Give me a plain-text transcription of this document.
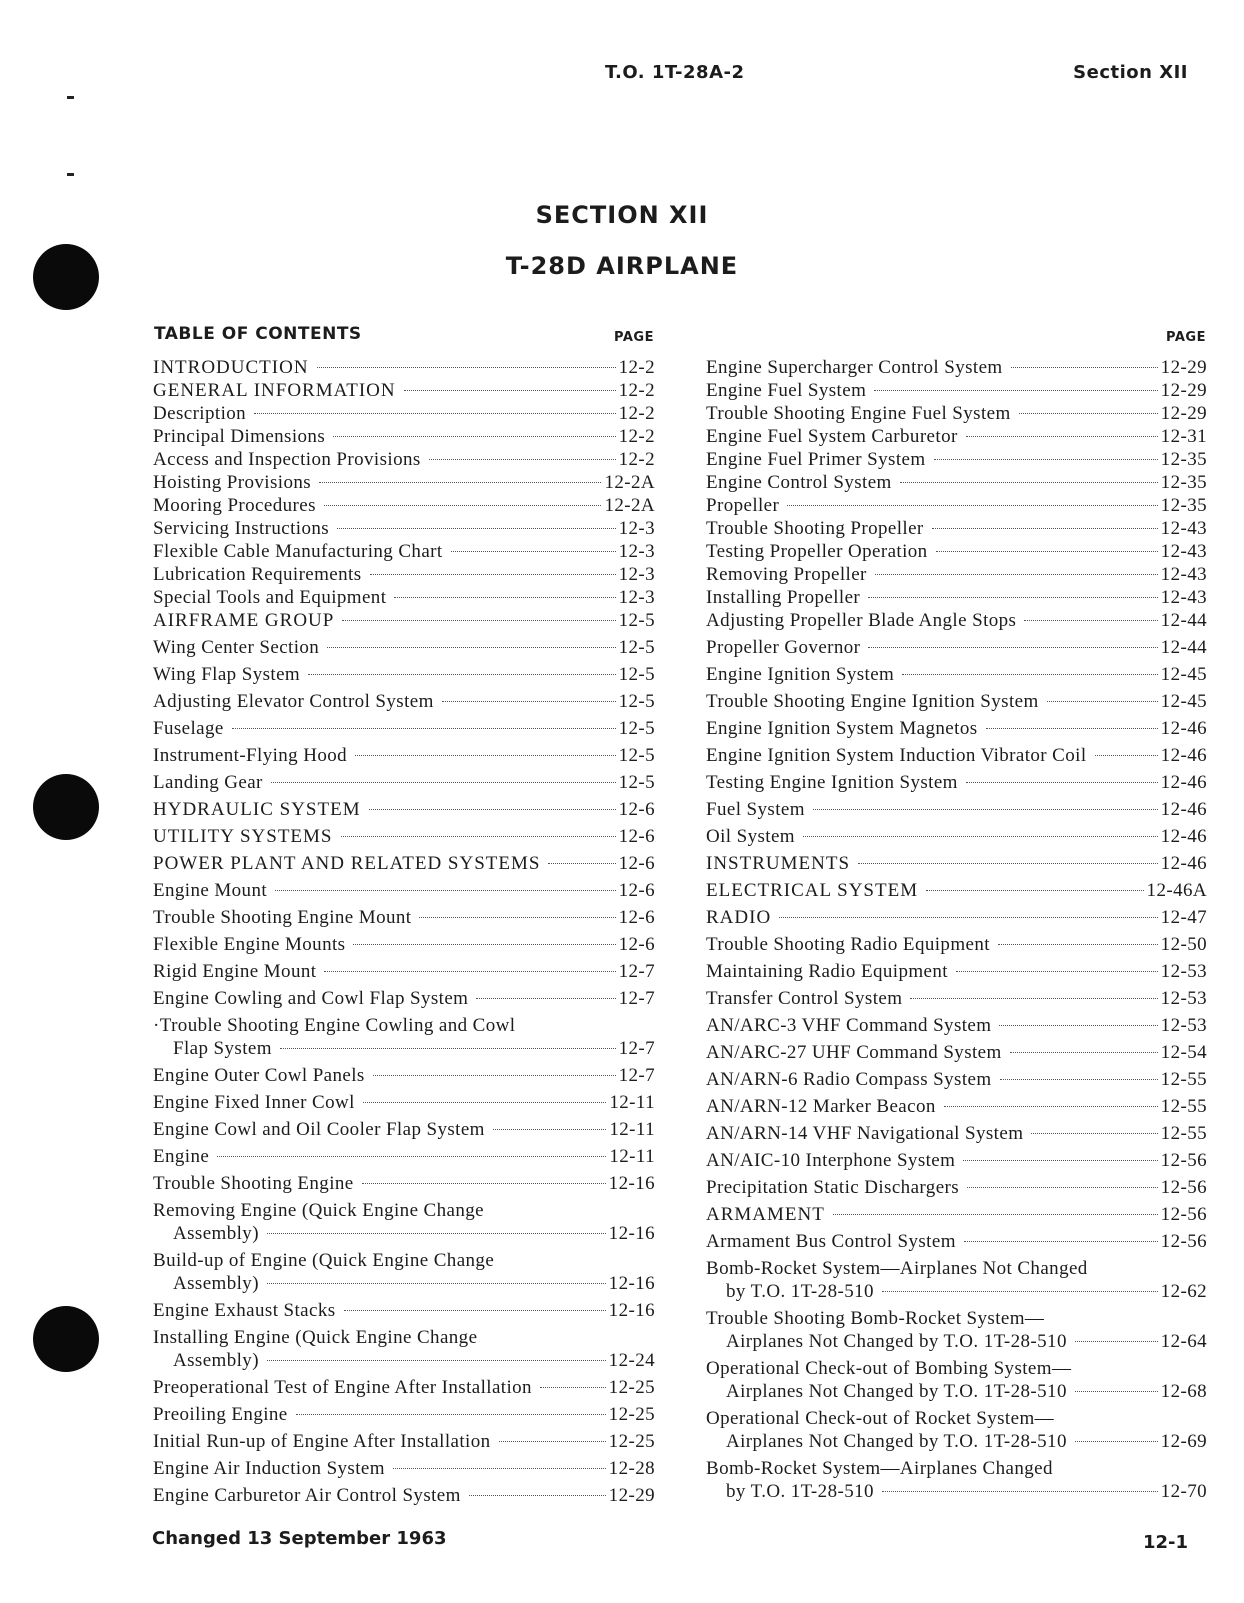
T.O. 1T-28A-2	Section XII
SECTION XII
T-28D AIRPLANE
TABLE OF CONTENTS	PAGE	PAGE
INTRODUCTION	12-2
GENERAL INFORMATION	12-2
Description	12-2
Principal Dimensions	12-2
Access and Inspection Provisions	12-2
Hoisting Provisions	12-2A
Mooring Procedures	12-2A
Servicing Instructions	12-3
Flexible Cable Manufacturing Chart	12-3
Lubrication Requirements	12-3
Special Tools and Equipment	12-3
AIRFRAME GROUP	12-5
Wing Center Section	12-5
Wing Flap System	12-5
Adjusting Elevator Control System	12-5
Fuselage	12-5
Instrument-Flying Hood	12-5
Landing Gear	12-5
HYDRAULIC SYSTEM	12-6
UTILITY SYSTEMS	12-6
POWER PLANT AND RELATED SYSTEMS	12-6
Engine Mount	12-6
Trouble Shooting Engine Mount	12-6
Flexible Engine Mounts	12-6
Rigid Engine Mount	12-7
Engine Cowling and Cowl Flap System	12-7
·Trouble Shooting Engine Cowling and Cowl
Flap System	12-7
Engine Outer Cowl Panels	12-7
Engine Fixed Inner Cowl	12-11
Engine Cowl and Oil Cooler Flap System	12-11
Engine	12-11
Trouble Shooting Engine	12-16
Removing Engine (Quick Engine Change
Assembly)	12-16
Build-up of Engine (Quick Engine Change
Assembly)	12-16
Engine Exhaust Stacks	12-16
Installing Engine (Quick Engine Change
Assembly)	12-24
Preoperational Test of Engine After Installation	12-25
Preoiling Engine	12-25
Initial Run-up of Engine After Installation	12-25
Engine Air Induction System	12-28
Engine Carburetor Air Control System	12-29
Engine Supercharger Control System	12-29
Engine Fuel System	12-29
Trouble Shooting Engine Fuel System	12-29
Engine Fuel System Carburetor	12-31
Engine Fuel Primer System	12-35
Engine Control System	12-35
Propeller	12-35
Trouble Shooting Propeller	12-43
Testing Propeller Operation	12-43
Removing Propeller	12-43
Installing Propeller	12-43
Adjusting Propeller Blade Angle Stops	12-44
Propeller Governor	12-44
Engine Ignition System	12-45
Trouble Shooting Engine Ignition System	12-45
Engine Ignition System Magnetos	12-46
Engine Ignition System Induction Vibrator Coil	12-46
Testing Engine Ignition System	12-46
Fuel System	12-46
Oil System	12-46
INSTRUMENTS	12-46
ELECTRICAL SYSTEM	12-46A
RADIO	12-47
Trouble Shooting Radio Equipment	12-50
Maintaining Radio Equipment	12-53
Transfer Control System	12-53
AN/ARC-3 VHF Command System	12-53
AN/ARC-27 UHF Command System	12-54
AN/ARN-6 Radio Compass System	12-55
AN/ARN-12 Marker Beacon	12-55
AN/ARN-14 VHF Navigational System	12-55
AN/AIC-10 Interphone System	12-56
Precipitation Static Dischargers	12-56
ARMAMENT	12-56
Armament Bus Control System	12-56
Bomb-Rocket System—Airplanes Not Changed
by T.O. 1T-28-510	12-62
Trouble Shooting Bomb-Rocket System—
Airplanes Not Changed by T.O. 1T-28-510	12-64
Operational Check-out of Bombing System—
Airplanes Not Changed by T.O. 1T-28-510	12-68
Operational Check-out of Rocket System—
Airplanes Not Changed by T.O. 1T-28-510	12-69
Bomb-Rocket System—Airplanes Changed
by T.O. 1T-28-510	12-70
Changed 13 September 1963	12-1
